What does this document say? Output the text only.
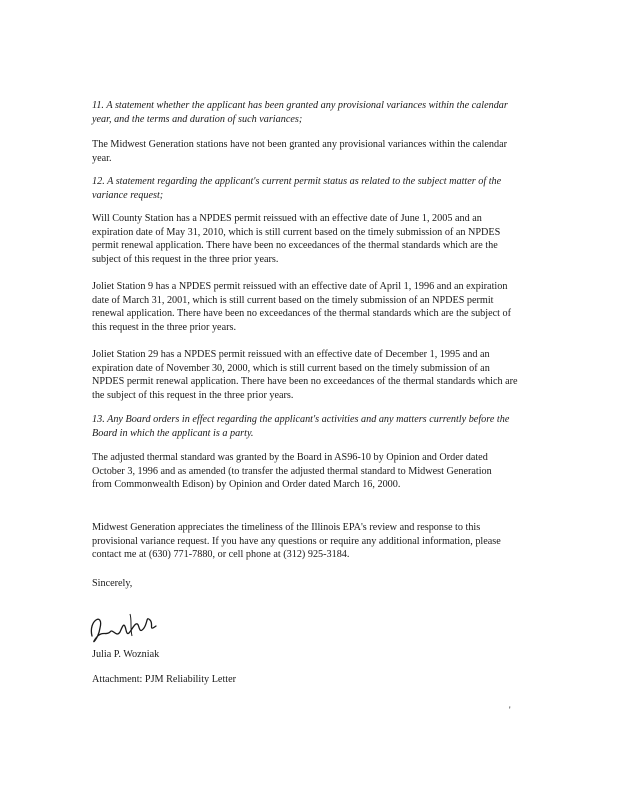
11. A statement whether the applicant has been granted any provisional variances within the calendar year, and the terms and duration of such variances;
The Midwest Generation stations have not been granted any provisional variances within the calendar year.
12. A statement regarding the applicant's current permit status as related to the subject matter of the variance request;
Will County Station has a NPDES permit reissued with an effective date of June 1, 2005 and an expiration date of May 31, 2010, which is still current based on the timely submission of an NPDES permit renewal application. There have been no exceedances of the thermal standards which are the subject of this request in the three prior years.
Joliet Station 9 has a NPDES permit reissued with an effective date of April 1, 1996 and an expiration date of March 31, 2001, which is still current based on the timely submission of an NPDES permit renewal application. There have been no exceedances of the thermal standards which are the subject of this request in the three prior years.
Joliet Station 29 has a NPDES permit reissued with an effective date of December 1, 1995 and an expiration date of November 30, 2000, which is still current based on the timely submission of an NPDES permit renewal application. There have been no exceedances of the thermal standards which are the subject of this request in the three prior years.
13. Any Board orders in effect regarding the applicant's activities and any matters currently before the Board in which the applicant is a party.
The adjusted thermal standard was granted by the Board in AS96-10 by Opinion and Order dated October 3, 1996 and as amended (to transfer the adjusted thermal standard to Midwest Generation from Commonwealth Edison) by Opinion and Order dated March 16, 2000.
Midwest Generation appreciates the timeliness of the Illinois EPA's review and response to this provisional variance request. If you have any questions or require any additional information, please contact me at (630) 771-7880, or cell phone at (312) 925-3184.
Sincerely,
Julia P. Wozniak
Attachment: PJM Reliability Letter
'
